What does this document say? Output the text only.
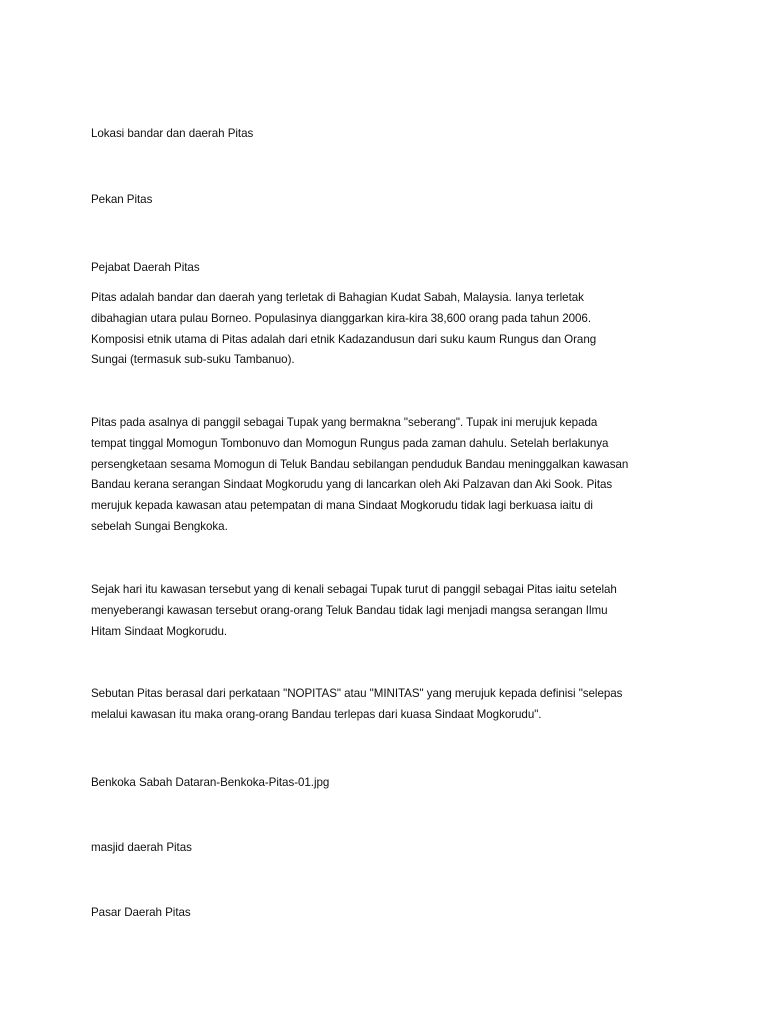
Lokasi bandar dan daerah Pitas

Pekan Pitas

Pejabat Daerah Pitas

Pitas adalah bandar dan daerah yang terletak di Bahagian Kudat Sabah, Malaysia. Ianya terletak
dibahagian utara pulau Borneo. Populasinya dianggarkan kira-kira 38,600 orang pada tahun 2006.
Komposisi etnik utama di Pitas adalah dari etnik Kadazandusun dari suku kaum Rungus dan Orang
Sungai (termasuk sub-suku Tambanuo).
Pitas pada asalnya di panggil sebagai Tupak yang bermakna "seberang". Tupak ini merujuk kepada
tempat tinggal Momogun Tombonuvo dan Momogun Rungus pada zaman dahulu. Setelah berlakunya
persengketaan sesama Momogun di Teluk Bandau sebilangan penduduk Bandau meninggalkan kawasan
Bandau kerana serangan Sindaat Mogkorudu yang di lancarkan oleh Aki Palzavan dan Aki Sook. Pitas
merujuk kepada kawasan atau petempatan di mana Sindaat Mogkorudu tidak lagi berkuasa iaitu di
sebelah Sungai Bengkoka.
Sejak hari itu kawasan tersebut yang di kenali sebagai Tupak turut di panggil sebagai Pitas iaitu setelah
menyeberangi kawasan tersebut orang-orang Teluk Bandau tidak lagi menjadi mangsa serangan Ilmu
Hitam Sindaat Mogkorudu.
Sebutan Pitas berasal dari perkataan "NOPITAS" atau "MINITAS" yang merujuk kepada definisi "selepas
melalui kawasan itu maka orang-orang Bandau terlepas dari kuasa Sindaat Mogkorudu".

Benkoka Sabah Dataran-Benkoka-Pitas-01.jpg

masjid daerah Pitas

Pasar Daerah Pitas
